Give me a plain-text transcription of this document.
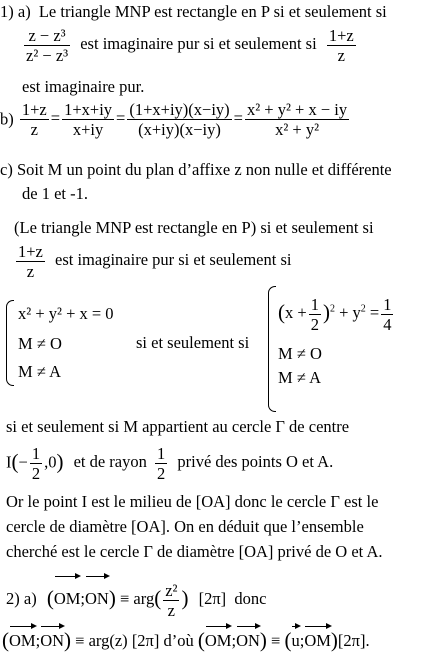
1) a) Le triangle MNP est rectangle en P si et seulement si
$\frac{\text{z − z³}}{\text{z² − z³}}$ est imaginaire pur si et seulement si $\frac{1+z}{z}$
est imaginaire pur.
$b) \frac{1+z}{z} = \frac{1+x+iy}{x+iy} = \frac{(1+x+iy)(x-iy)}{(x+iy)(x-iy)} = \frac{\text{x² + y² + x − iy}}{\text{x² + y²}}$
c) Soit M un point du plan d’affixe z non nulle et différente
de 1 et -1.
(Le triangle MNP est rectangle en P) si et seulement si
$\frac{1+z}{z}$ est imaginaire pur si et seulement si
x² + y² + x = 0
M ≠ O
M ≠ A
si et seulement si
$(x + \frac{1}{2} )^2 + y^2 = \frac{1}{4}$
M ≠ O
M ≠ A
si et seulement si M appartient au cercle Γ de centre
$I(- \frac{1}{2} ,0)$ et de rayon $\frac{1}{2}$ privé des points O et A.
Or le point I est le milieu de [OA] donc le cercle Γ est le
cercle de diamètre [OA]. On en déduit que l’ensemble
cherché est le cercle Γ de diamètre [OA] privé de O et A.
2) a) (OM;ON) ≡ $arg( \frac{\text{z²}}{z}$ ) [2π] donc
(OM;ON) ≡ arg(z) [2π] d’où (OM;ON) ≡ (u;OM)[2π].
